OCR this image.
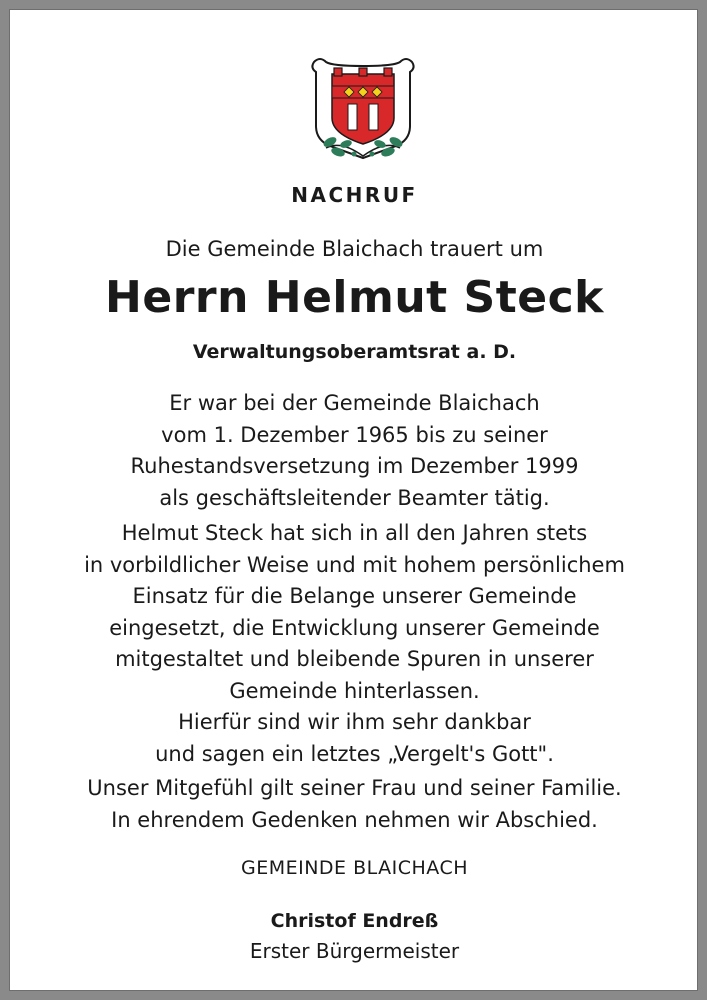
NACHRUF
Die Gemeinde Blaichach trauert um
Herrn Helmut Steck
Verwaltungsoberamtsrat a. D.
Er war bei der Gemeinde Blaichach
vom 1. Dezember 1965 bis zu seiner
Ruhestandsversetzung im Dezember 1999
als geschäftsleitender Beamter tätig.
Helmut Steck hat sich in all den Jahren stets
in vorbildlicher Weise und mit hohem persönlichem
Einsatz für die Belange unserer Gemeinde
eingesetzt, die Entwicklung unserer Gemeinde
mitgestaltet und bleibende Spuren in unserer
Gemeinde hinterlassen.
Hierfür sind wir ihm sehr dankbar
und sagen ein letztes „Vergelt's Gott".
Unser Mitgefühl gilt seiner Frau und seiner Familie.
In ehrendem Gedenken nehmen wir Abschied.
GEMEINDE BLAICHACH
Christof Endreß
Erster Bürgermeister
